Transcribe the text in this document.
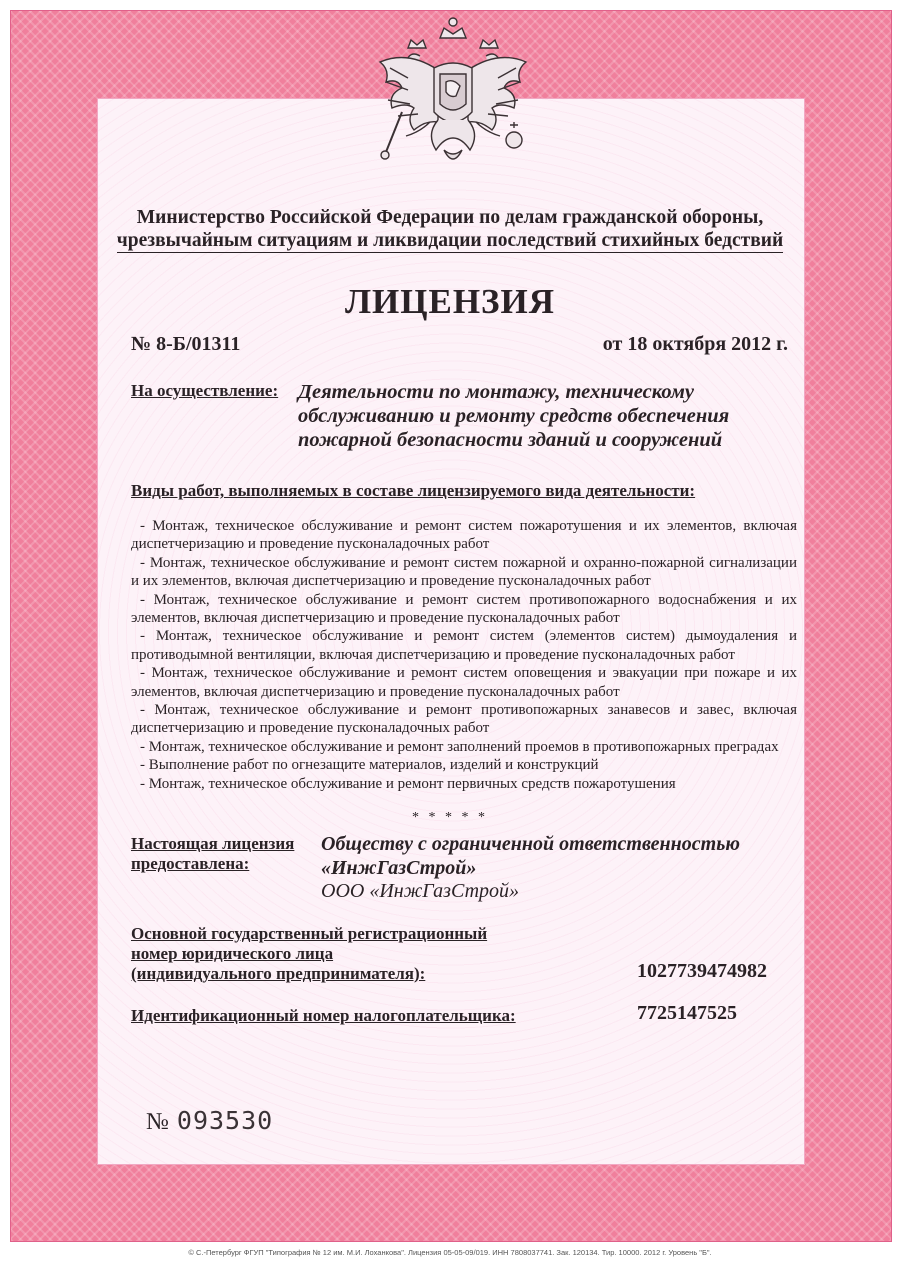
Министерство Российской Федерации по делам гражданской обороны,
чрезвычайным ситуациям и ликвидации последствий стихийных бедствий
ЛИЦЕНЗИЯ
№ 8-Б/01311	от 18 октября 2012 г.
На осуществление: Деятельности по монтажу, техническому обслуживанию и ремонту средств обеспечения пожарной безопасности зданий и сооружений
Виды работ, выполняемых в составе лицензируемого вида деятельности:
- Монтаж, техническое обслуживание и ремонт систем пожаротушения и их элементов, включая диспетчеризацию и проведение пусконаладочных работ
- Монтаж, техническое обслуживание и ремонт систем пожарной и охранно-пожарной сигнализации и их элементов, включая диспетчеризацию и проведение пусконаладочных работ
- Монтаж, техническое обслуживание и ремонт систем противопожарного водоснабжения и их элементов, включая диспетчеризацию и проведение пусконаладочных работ
- Монтаж, техническое обслуживание и ремонт систем (элементов систем) дымоудаления и противодымной вентиляции, включая диспетчеризацию и проведение пусконаладочных работ
- Монтаж, техническое обслуживание и ремонт систем оповещения и эвакуации при пожаре и их элементов, включая диспетчеризацию и проведение пусконаладочных работ
- Монтаж, техническое обслуживание и ремонт противопожарных занавесов и завес, включая диспетчеризацию и проведение пусконаладочных работ
- Монтаж, техническое обслуживание и ремонт заполнений проемов в противопожарных преградах
- Выполнение работ по огнезащите материалов, изделий и конструкций
- Монтаж, техническое обслуживание и ремонт первичных средств пожаротушения
* * * * *
Настоящая лицензия
предоставлена:
Обществу с ограниченной ответственностью «ИнжГазСтрой»
ООО «ИнжГазСтрой»
Основной государственный регистрационный
номер юридического лица
(индивидуального предпринимателя):	1027739474982
Идентификационный номер налогоплательщика:	7725147525
№ 093530
© С.-Петербург ФГУП "Типография № 12 им. М.И. Лоханкова". Лицензия 05-05-09/019. ИНН 7808037741. Зак. 120134. Тир. 10000. 2012 г. Уровень "Б".
